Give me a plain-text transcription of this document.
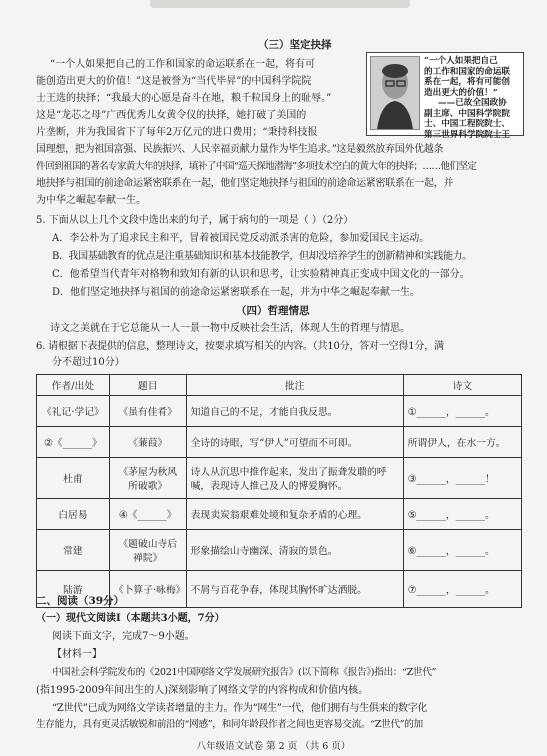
（三）坚定抉择
“一个人如果把自己的工作和国家的命运联系在一起，将有可
能创造出更大的价值！”这是被誉为“当代毕昇”的中国科学院院
士王选的抉择；“我最大的心愿是奋斗在地，粮千粒国身上的耻辱。”
这是“龙芯之母”广西优秀儿女黄令仪的抉择，她打破了美国的
片垄断，并为我国省下了每年2万亿元的进口费用；“秉持科技报
国理想，把为祖国富强、民族振兴、人民幸福贡献力量作为毕生追求。”这是毅然放弃国外优越条
件回到祖国的著名专家黄大年的抉择，填补了中国“巡天探地潜海”多项技术空白的黄大年的抉择；……他们坚定
地抉择与祖国的前途命运紧密联系在一起，他们坚定地抉择与祖国的前途命运紧密联系在一起，并
为中华之崛起奉献一生。
“一个人如果把自己
的工作和国家的命运联
系在一起，将有可能创
造出更大的价值！”
——已故全国政协
副主席、中国科学院院
士、中国工程院院士、
第三世界科学院院士王
5. 下面从以上几个文段中选出来的句子，属于病句的一项是（ ）（2分）
A．李公朴为了追求民主和平，冒着被国民党反动派杀害的危险，参加爱国民主运动。
B．我国基础教育的优点是注重基础知识和基本技能教学，但却没培养学生的创新精神和实践能力。
C．他希望当代青年对格物和致知有新的认识和思考，让实验精神真正变成中国文化的一部分。
D．他们坚定地抉择与祖国的前途命运紧密联系在一起，并为中华之崛起奉献一生。
（四）哲理情思
诗文之美就在于它总能从一人一景一物中反映社会生活，体现人生的哲理与情思。
6. 请根据下表提供的信息，整理诗文，按要求填写相关的内容。（共10分，答对一空得1分，满
分不超过10分）
作者/出处	题目	批注	诗文
《礼记·学记》	《虽有佳肴》	知道自己的不足，才能自我反思。	①______，______。
②《______》	《蒹葭》	全诗的诗眼，写“伊人”可望而不可即。	所谓伊人，在水一方。
杜甫	《茅屋为秋风所破歌》	诗人从沉思中推作起来，发出了振聋发聩的呼喊，表现诗人推己及人的博爱胸怀。	③______，______！
白居易	④《______》	表现卖炭翁艰难处境和复杂矛盾的心理。	⑤______，______。
常建	《题破山寺后禅院》	形象描绘山寺幽深、清寂的景色。	⑥______，______。
陆游	《卜算子·咏梅》	不屑与百花争春，体现其胸怀旷达洒脱。	⑦______，______。
二、阅读（39分）
（一）现代文阅读Ⅰ（本题共3小题，7分）
阅读下面文字，完成7～9小题。
【材料一】
中国社会科学院发布的《2021中国网络文学发展研究报告》(以下简称《报告》)指出：“Z世代”
(指1995-2009年间出生的人)深刻影响了网络文学的内容构成和价值内核。
“Z世代”已成为网络文学读者增量的主力。作为“网生”一代，他们拥有与生俱来的数字化
生存能力，具有更灵活敏锐和前沿的“网感”，和同年龄段作者之间也更容易交流。“Z世代”的加
八年级语文试卷 第 2 页 （共 6 页）
